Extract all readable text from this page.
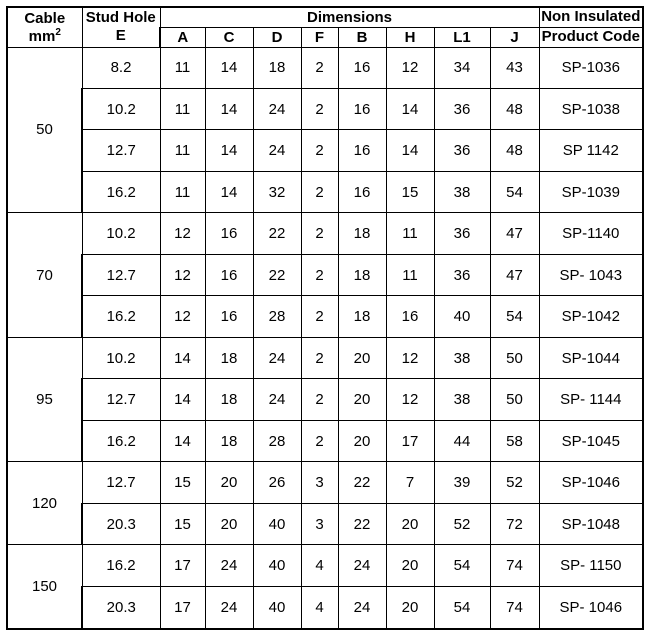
Cable
$mm^2$	Stud Hole
E	Dimensions								Non Insulated
		A	C	D	F	B	H	L1	J	Product Code
50	8.2	11	14	18	2	16	12	34	43	SP-1036
	10.2	11	14	24	2	16	14	36	48	SP-1038
	12.7	11	14	24	2	16	14	36	48	SP 1142
	16.2	11	14	32	2	16	15	38	54	SP-1039
70	10.2	12	16	22	2	18	11	36	47	SP-1140
	12.7	12	16	22	2	18	11	36	47	SP- 1043
	16.2	12	16	28	2	18	16	40	54	SP-1042
95	10.2	14	18	24	2	20	12	38	50	SP-1044
	12.7	14	18	24	2	20	12	38	50	SP- 1144
	16.2	14	18	28	2	20	17	44	58	SP-1045
120	12.7	15	20	26	3	22	7	39	52	SP-1046
	20.3	15	20	40	3	22	20	52	72	SP-1048
150	16.2	17	24	40	4	24	20	54	74	SP- 1150
	20.3	17	24	40	4	24	20	54	74	SP- 1046
